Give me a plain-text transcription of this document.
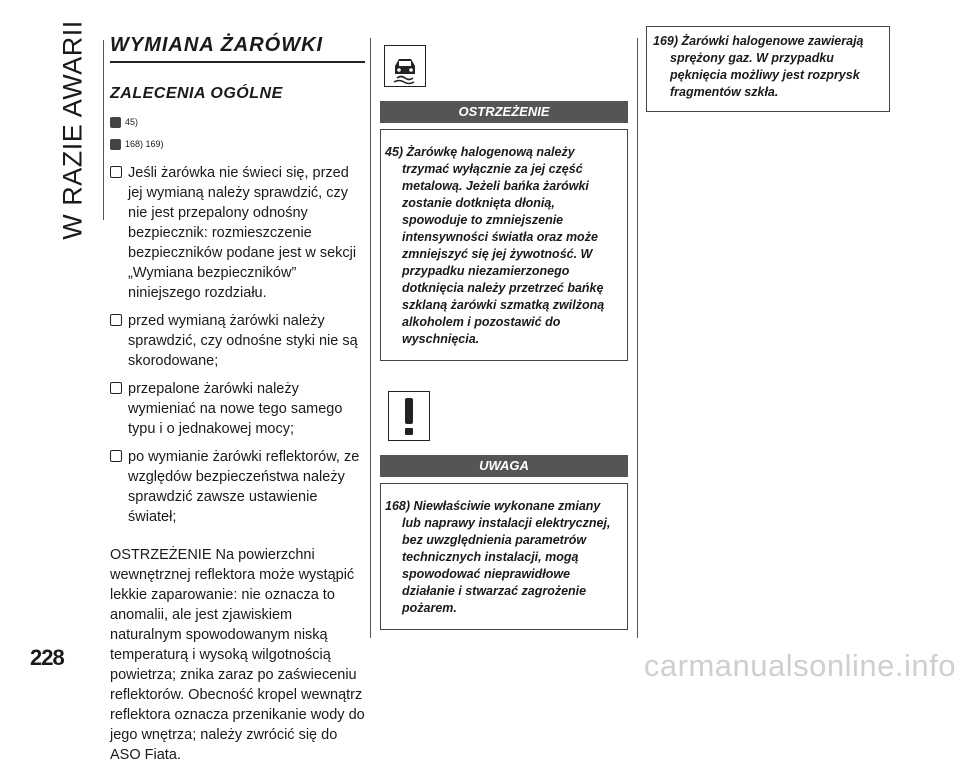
W RAZIE AWARII WYMIANA ŻARÓWKI
ZALECENIA OGÓLNE
45)
168) 169)
Jeśli żarówka nie świeci się, przed jej wymianą należy sprawdzić, czy nie jest przepalony odnośny bezpiecznik: rozmieszczenie bezpieczników podane jest w sekcji „Wymiana bezpieczników” niniejszego rozdziału.
przed wymianą żarówki należy sprawdzić, czy odnośne styki nie są skorodowane;
przepalone żarówki należy wymieniać na nowe tego samego typu i o jednakowej mocy;
po wymianie żarówki reflektorów, ze względów bezpieczeństwa należy sprawdzić zawsze ustawienie świateł;
OSTRZEŻENIE Na powierzchni wewnętrznej reflektora może wystąpić lekkie zaparowanie: nie oznacza to anomalii, ale jest zjawiskiem naturalnym spowodowanym niską temperaturą i wysoką wilgotnością powietrza; znika zaraz po zaświeceniu reflektorów. Obecność kropel wewnątrz reflektora oznacza przenikanie wody do jego wnętrza; należy zwrócić się do ASO Fiata.
OSTRZEŻENIE
45) Żarówkę halogenową należy trzymać wyłącznie za jej część metalową. Jeżeli bańka żarówki zostanie dotknięta dłonią, spowoduje to zmniejszenie intensywności światła oraz może zmniejszyć się jej żywotność. W przypadku niezamierzonego dotknięcia należy przetrzeć bańkę szklaną żarówki szmatką zwilżoną alkoholem i pozostawić do wyschnięcia.
UWAGA
168) Niewłaściwie wykonane zmiany lub naprawy instalacji elektrycznej, bez uwzględnienia parametrów technicznych instalacji, mogą spowodować nieprawidłowe działanie i stwarzać zagrożenie pożarem.
169) Żarówki halogenowe zawierają sprężony gaz. W przypadku pęknięcia możliwy jest rozprysk fragmentów szkła.
228	carmanualsonline.info
